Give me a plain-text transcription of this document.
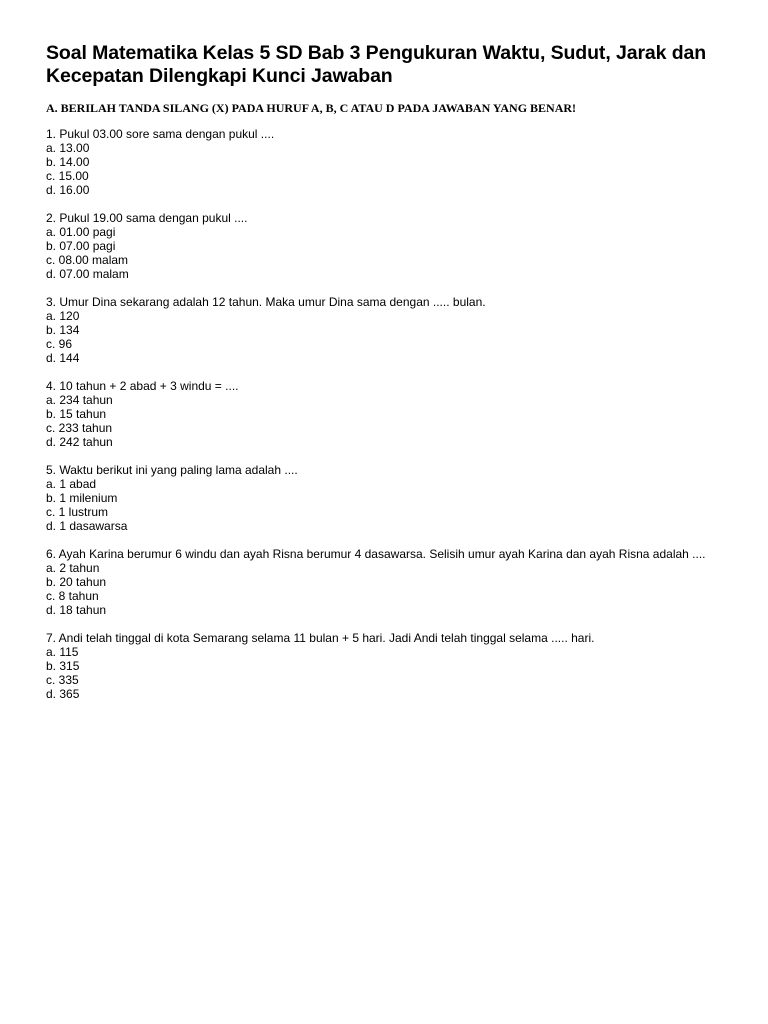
Soal Matematika Kelas 5 SD Bab 3 Pengukuran Waktu, Sudut, Jarak dan
Kecepatan Dilengkapi Kunci Jawaban

A. BERILAH TANDA SILANG (X) PADA HURUF A, B, C ATAU D PADA JAWABAN YANG BENAR!

1. Pukul 03.00 sore sama dengan pukul ....
a. 13.00
b. 14.00
c. 15.00
d. 16.00
2. Pukul 19.00 sama dengan pukul ....
a. 01.00 pagi
b. 07.00 pagi
c. 08.00 malam
d. 07.00 malam
3. Umur Dina sekarang adalah 12 tahun. Maka umur Dina sama dengan ..... bulan.
a. 120
b. 134
c. 96
d. 144
4. 10 tahun + 2 abad + 3 windu = ....
a. 234 tahun
b. 15 tahun
c. 233 tahun
d. 242 tahun
5. Waktu berikut ini yang paling lama adalah ....
a. 1 abad
b. 1 milenium
c. 1 lustrum
d. 1 dasawarsa
6. Ayah Karina berumur 6 windu dan ayah Risna berumur 4 dasawarsa. Selisih umur ayah Karina dan ayah Risna adalah ....
a. 2 tahun
b. 20 tahun
c. 8 tahun
d. 18 tahun
7. Andi telah tinggal di kota Semarang selama 11 bulan + 5 hari. Jadi Andi telah tinggal selama ..... hari.
a. 115
b. 315
c. 335
d. 365
